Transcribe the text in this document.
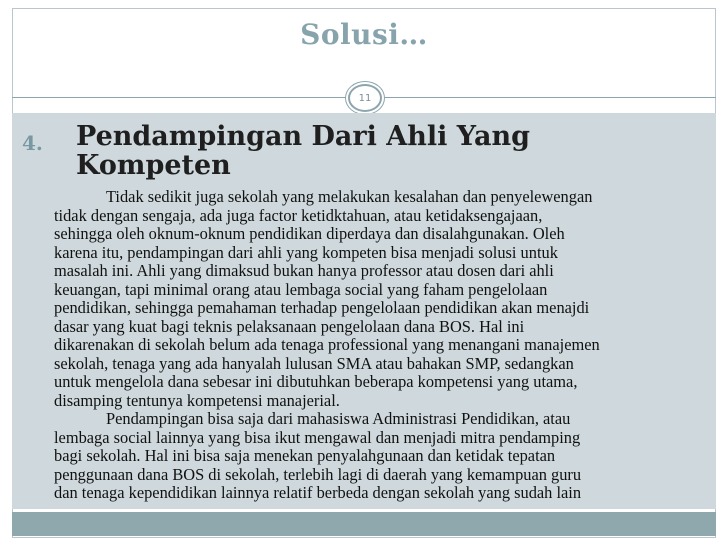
Solusi…
11
4. Pendampingan Dari Ahli Yang
Kompeten
Tidak sedikit juga sekolah yang melakukan kesalahan dan penyelewengan
tidak dengan sengaja, ada juga factor ketidktahuan, atau ketidaksengajaan,
sehingga oleh oknum-oknum pendidikan diperdaya dan disalahgunakan. Oleh
karena itu, pendampingan dari ahli yang kompeten bisa menjadi solusi untuk
masalah ini. Ahli yang dimaksud bukan hanya professor atau dosen dari ahli
keuangan, tapi minimal orang atau lembaga social yang faham pengelolaan
pendidikan, sehingga pemahaman terhadap pengelolaan pendidikan akan menajdi
dasar yang kuat bagi teknis pelaksanaan pengelolaan dana BOS. Hal ini
dikarenakan di sekolah belum ada tenaga professional yang menangani manajemen
sekolah, tenaga yang ada hanyalah lulusan SMA atau bahakan SMP, sedangkan
untuk mengelola dana sebesar ini dibutuhkan beberapa kompetensi yang utama,
disamping tentunya kompetensi manajerial.
Pendampingan bisa saja dari mahasiswa Administrasi Pendidikan, atau
lembaga social lainnya yang bisa ikut mengawal dan menjadi mitra pendamping
bagi sekolah. Hal ini bisa saja menekan penyalahgunaan dan ketidak tepatan
penggunaan dana BOS di sekolah, terlebih lagi di daerah yang kemampuan guru
dan tenaga kependidikan lainnya relatif berbeda dengan sekolah yang sudah lain
